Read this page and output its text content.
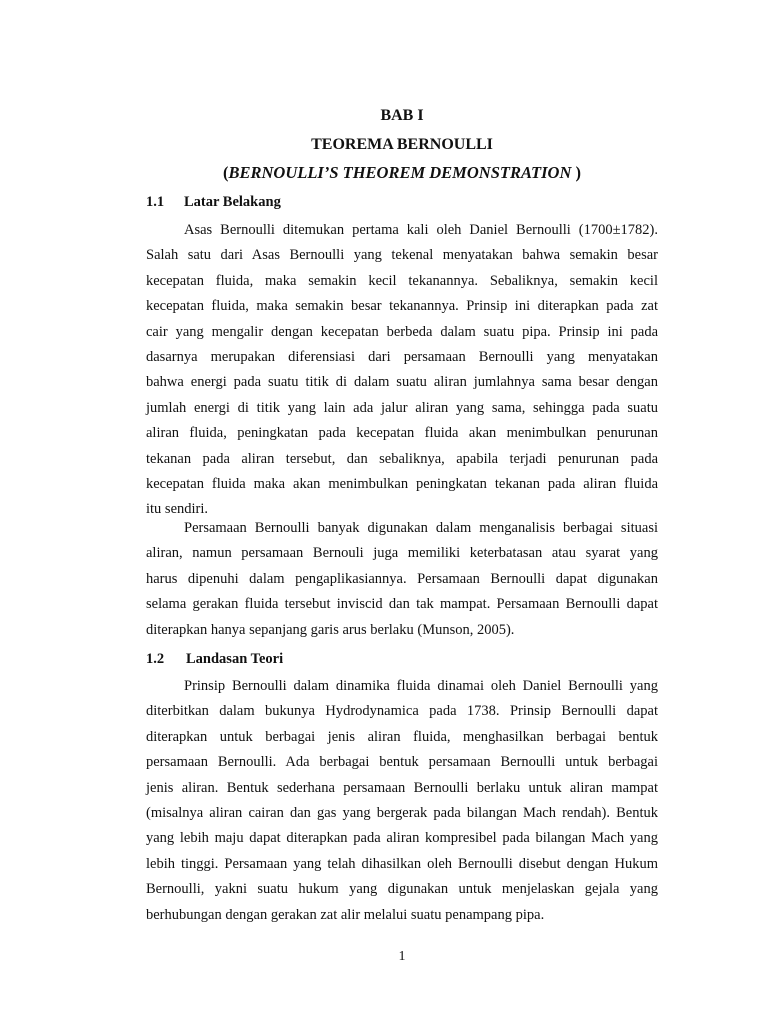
BAB I
TEOREMA BERNOULLI
(BERNOULLI’S THEOREM DEMONSTRATION )
1.1 Latar Belakang
Asas Bernoulli ditemukan pertama kali oleh Daniel Bernoulli (1700±1782).
Salah satu dari Asas Bernoulli yang tekenal menyatakan bahwa semakin besar
kecepatan fluida, maka semakin kecil tekanannya. Sebaliknya, semakin kecil
kecepatan fluida, maka semakin besar tekanannya. Prinsip ini diterapkan pada zat
cair yang mengalir dengan kecepatan berbeda dalam suatu pipa. Prinsip ini pada
dasarnya merupakan diferensiasi dari persamaan Bernoulli yang menyatakan
bahwa energi pada suatu titik di dalam suatu aliran jumlahnya sama besar dengan
jumlah energi di titik yang lain ada jalur aliran yang sama, sehingga pada suatu
aliran fluida, peningkatan pada kecepatan fluida akan menimbulkan penurunan
tekanan pada aliran tersebut, dan sebaliknya, apabila terjadi penurunan pada
kecepatan fluida maka akan menimbulkan peningkatan tekanan pada aliran fluida
itu sendiri.
Persamaan Bernoulli banyak digunakan dalam menganalisis berbagai situasi
aliran, namun persamaan Bernouli juga memiliki keterbatasan atau syarat yang
harus dipenuhi dalam pengaplikasiannya. Persamaan Bernoulli dapat digunakan
selama gerakan fluida tersebut inviscid dan tak mampat. Persamaan Bernoulli dapat
diterapkan hanya sepanjang garis arus berlaku (Munson, 2005).
1.2 Landasan Teori
Prinsip Bernoulli dalam dinamika fluida dinamai oleh Daniel Bernoulli yang
diterbitkan dalam bukunya Hydrodynamica pada 1738. Prinsip Bernoulli dapat
diterapkan untuk berbagai jenis aliran fluida, menghasilkan berbagai bentuk
persamaan Bernoulli. Ada berbagai bentuk persamaan Bernoulli untuk berbagai
jenis aliran. Bentuk sederhana persamaan Bernoulli berlaku untuk aliran mampat
(misalnya aliran cairan dan gas yang bergerak pada bilangan Mach rendah). Bentuk
yang lebih maju dapat diterapkan pada aliran kompresibel pada bilangan Mach yang
lebih tinggi. Persamaan yang telah dihasilkan oleh Bernoulli disebut dengan Hukum
Bernoulli, yakni suatu hukum yang digunakan untuk menjelaskan gejala yang
berhubungan dengan gerakan zat alir melalui suatu penampang pipa.
1
